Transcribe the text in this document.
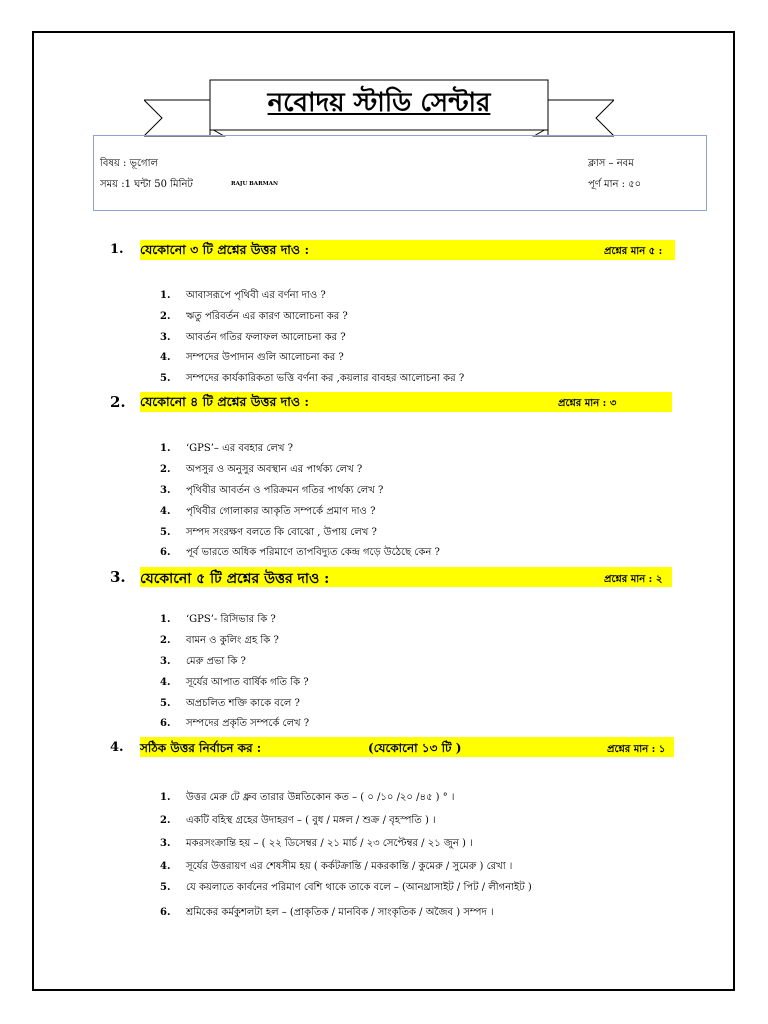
নবোদয় স্টাডি সেন্টার
বিষয় : ভূগোল
সময় :1 ঘন্টা 50 মিনিট	RAJU BARMAN
ক্লাস – নবম
পূর্ণ মান : ৫০
1. যেকোনো ৩ টি প্রশ্নের উত্তর দাও :	প্রশ্নের মান ৫ :
1. আবাসরূপে পৃথিবী এর বর্ণনা দাও ?
2. ঋতু পরিবর্তন এর কারণ আলোচনা কর ?
3. আবর্তন গতির ফলাফল আলোচনা কর ?
4. সম্পদের উপাদান গুলি আলোচনা কর ?
5. সম্পদের কার্যকারিকতা ভত্তি বর্ণনা কর ,কয়লার বাবহর আলোচনা কর ?
2. যেকোনো ৪ টি প্রশ্নের উত্তর দাও :	প্রশ্নের মান : ৩
1. ‘GPS’– এর ববহার লেখ ?
2. অপসুর ও অনুসুর অবস্থান এর পার্থক্য লেখ ?
3. পৃথিবীর আবর্তন ও পরিক্রমন গতির পার্থক্য লেখ ?
4. পৃথিবীর গোলাকার আকৃতি সম্পর্কে প্রমাণ দাও ?
5. সম্পদ সংরক্ষণ বলতে কি বোঝো , উপায় লেখ ?
6. পূর্ব ভারতে অধিক পরিমাণে তাপবিদ্যুত কেন্দ্র গড়ে উঠেছে কেন ?
3. যেকোনো ৫ টি প্রশ্নের উত্তর দাও :	প্রশ্নের মান : ২
1. ‘GPS’- রিসিভার কি ?
2. বামন ও কুলিং গ্রহ কি ?
3. মেরু প্রভা কি ?
4. সূর্যের আপাত বার্ষিক গতি কি ?
5. অপ্রচলিত শক্তি কাকে বলে ?
6. সম্পদের প্রকৃতি সম্পর্কে লেখ ?
4. সঠিক উত্তর নির্বাচন কর :	(যেকোনো ১৩ টি )	প্রশ্নের মান : ১
1. উত্তর মেরু টে ধ্রুব তারার উন্নতিকোন কত – ( ০ /১০ /২০ /৪৫ ) ° ।
2. একটি বহিস্থ গ্রহের উদাহরণ – ( বুধ / মঙ্গল / শুক্র / বৃহস্পতি ) ।
3. মকরসংক্রান্তি হয় – ( ২২ ডিসেম্বর / ২১ মার্চ / ২৩ সেপ্টেম্বর / ২১ জুন ) ।
4. সূর্যের উত্তরায়ণ এর শেষসীম হয় ( কর্কটক্রান্তি / মকরকান্তি / কুমেরু / সুমেরু ) রেখা ।
5. যে কয়লাতে কার্বনের পরিমাণ বেশি থাকে তাকে বলে – (আনথ্রাসাইট / পিট / লীগনাইট )
6. শ্রমিকের কর্মকুশলটা হল – (প্রাকৃতিক / মানবিক / সাংকৃতিক / অজৈব ) সম্পদ ।
